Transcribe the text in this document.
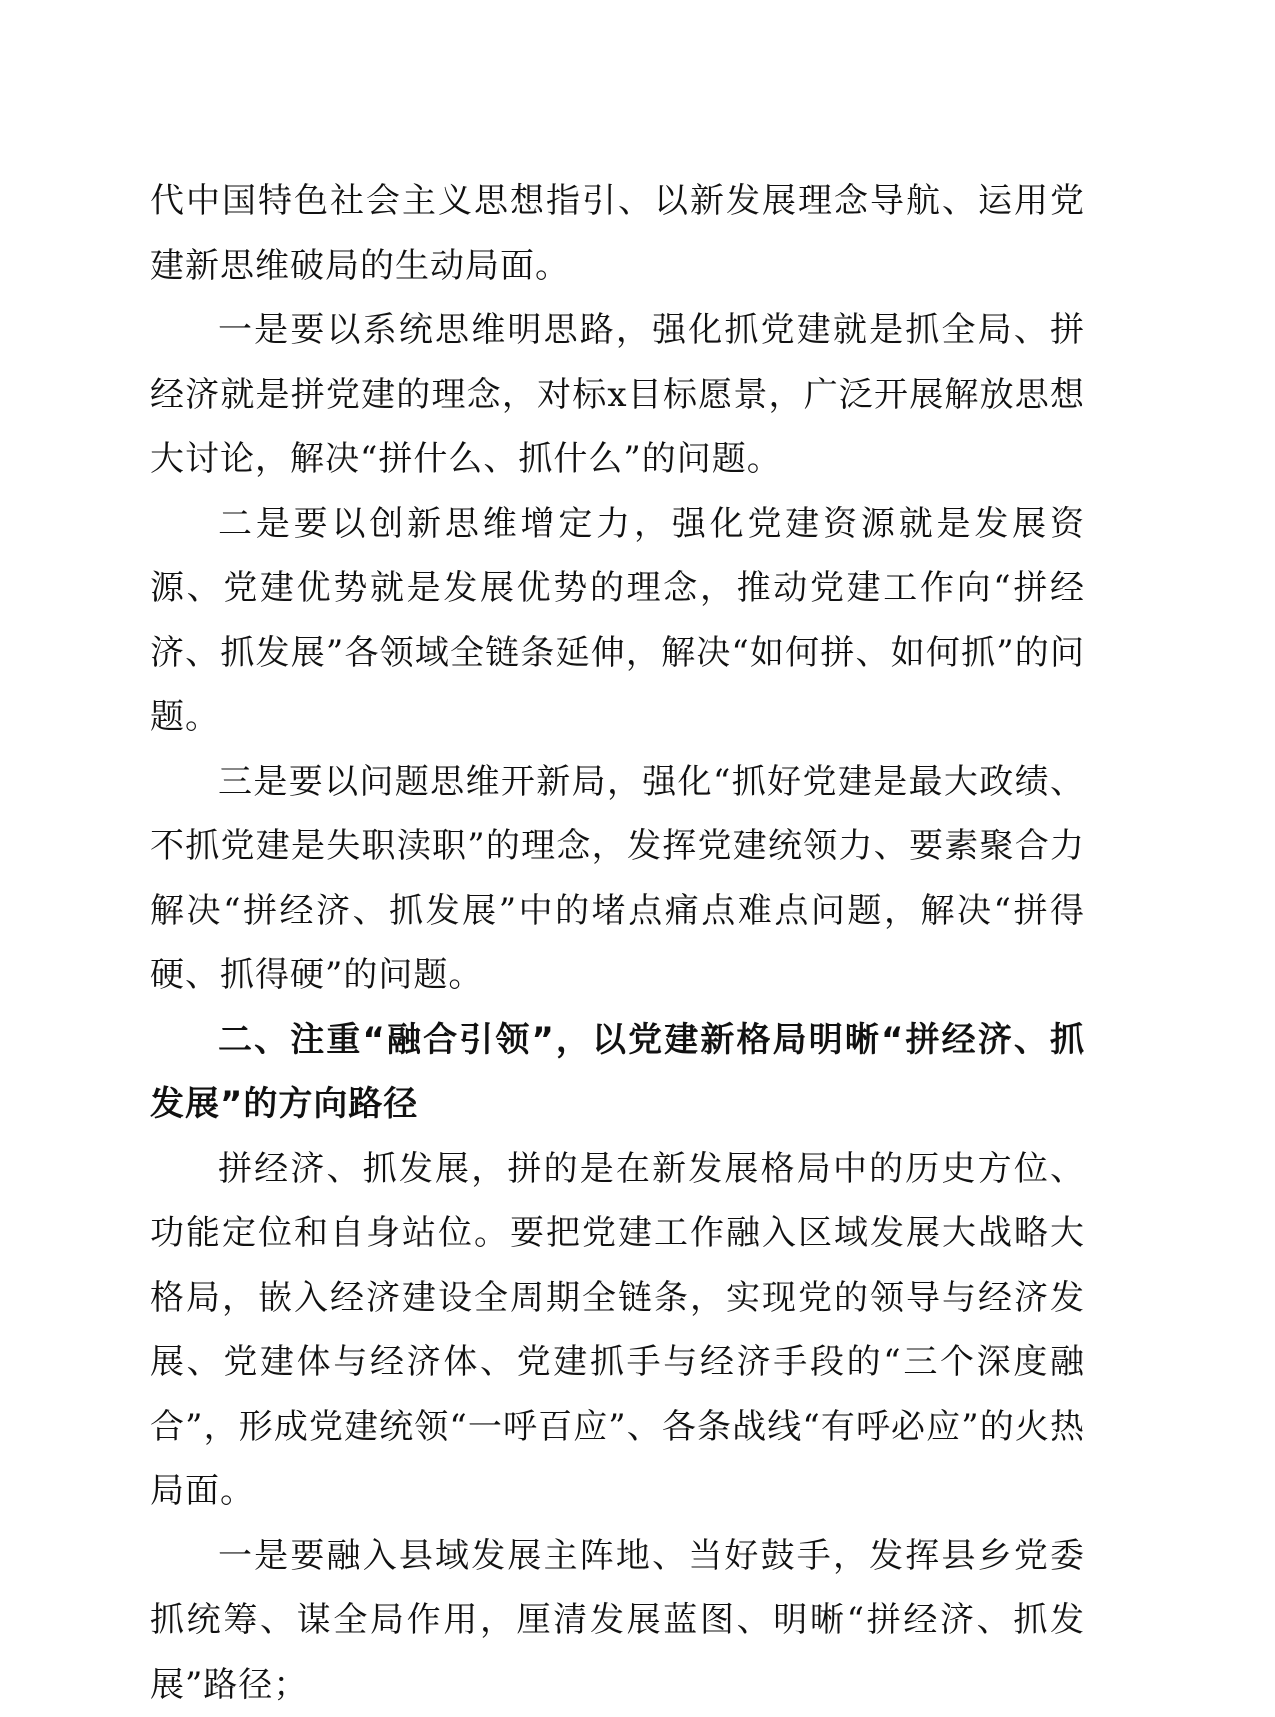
代中国特色社会主义思想指引、以新发展理念导航、运用党建新思维破局的生动局面。

一是要以系统思维明思路，强化抓党建就是抓全局、拼经济就是拼党建的理念，对标x目标愿景，广泛开展解放思想大讨论，解决“拼什么、抓什么”的问题。

二是要以创新思维增定力，强化党建资源就是发展资源、党建优势就是发展优势的理念，推动党建工作向“拼经济、抓发展”各领域全链条延伸，解决“如何拼、如何抓”的问题。

三是要以问题思维开新局，强化“抓好党建是最大政绩、不抓党建是失职渎职”的理念，发挥党建统领力、要素聚合力解决“拼经济、抓发展”中的堵点痛点难点问题，解决“拼得硬、抓得硬”的问题。

二、注重“融合引领”，以党建新格局明晰“拼经济、抓发展”的方向路径

拼经济、抓发展，拼的是在新发展格局中的历史方位、功能定位和自身站位。要把党建工作融入区域发展大战略大格局，嵌入经济建设全周期全链条，实现党的领导与经济发展、党建体与经济体、党建抓手与经济手段的“三个深度融合”，形成党建统领“一呼百应”、各条战线“有呼必应”的火热局面。

一是要融入县域发展主阵地、当好鼓手，发挥县乡党委抓统筹、谋全局作用，厘清发展蓝图、明晰“拼经济、抓发展”路径；
